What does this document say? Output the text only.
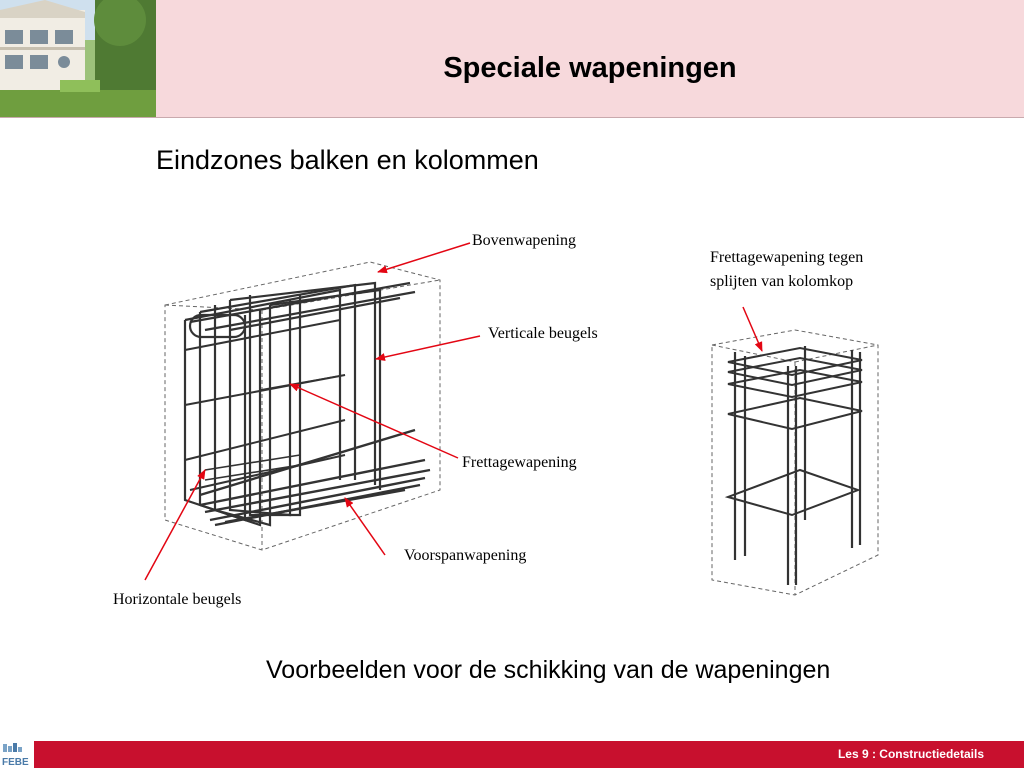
Speciale wapeningen
Eindzones balken en kolommen
Bovenwapening
Verticale beugels
Frettagewapening
Voorspanwapening
Horizontale beugels
Frettagewapening tegen
splijten van kolomkop
Voorbeelden voor de schikking van de wapeningen
Les 9 : Constructiedetails
FEBE
